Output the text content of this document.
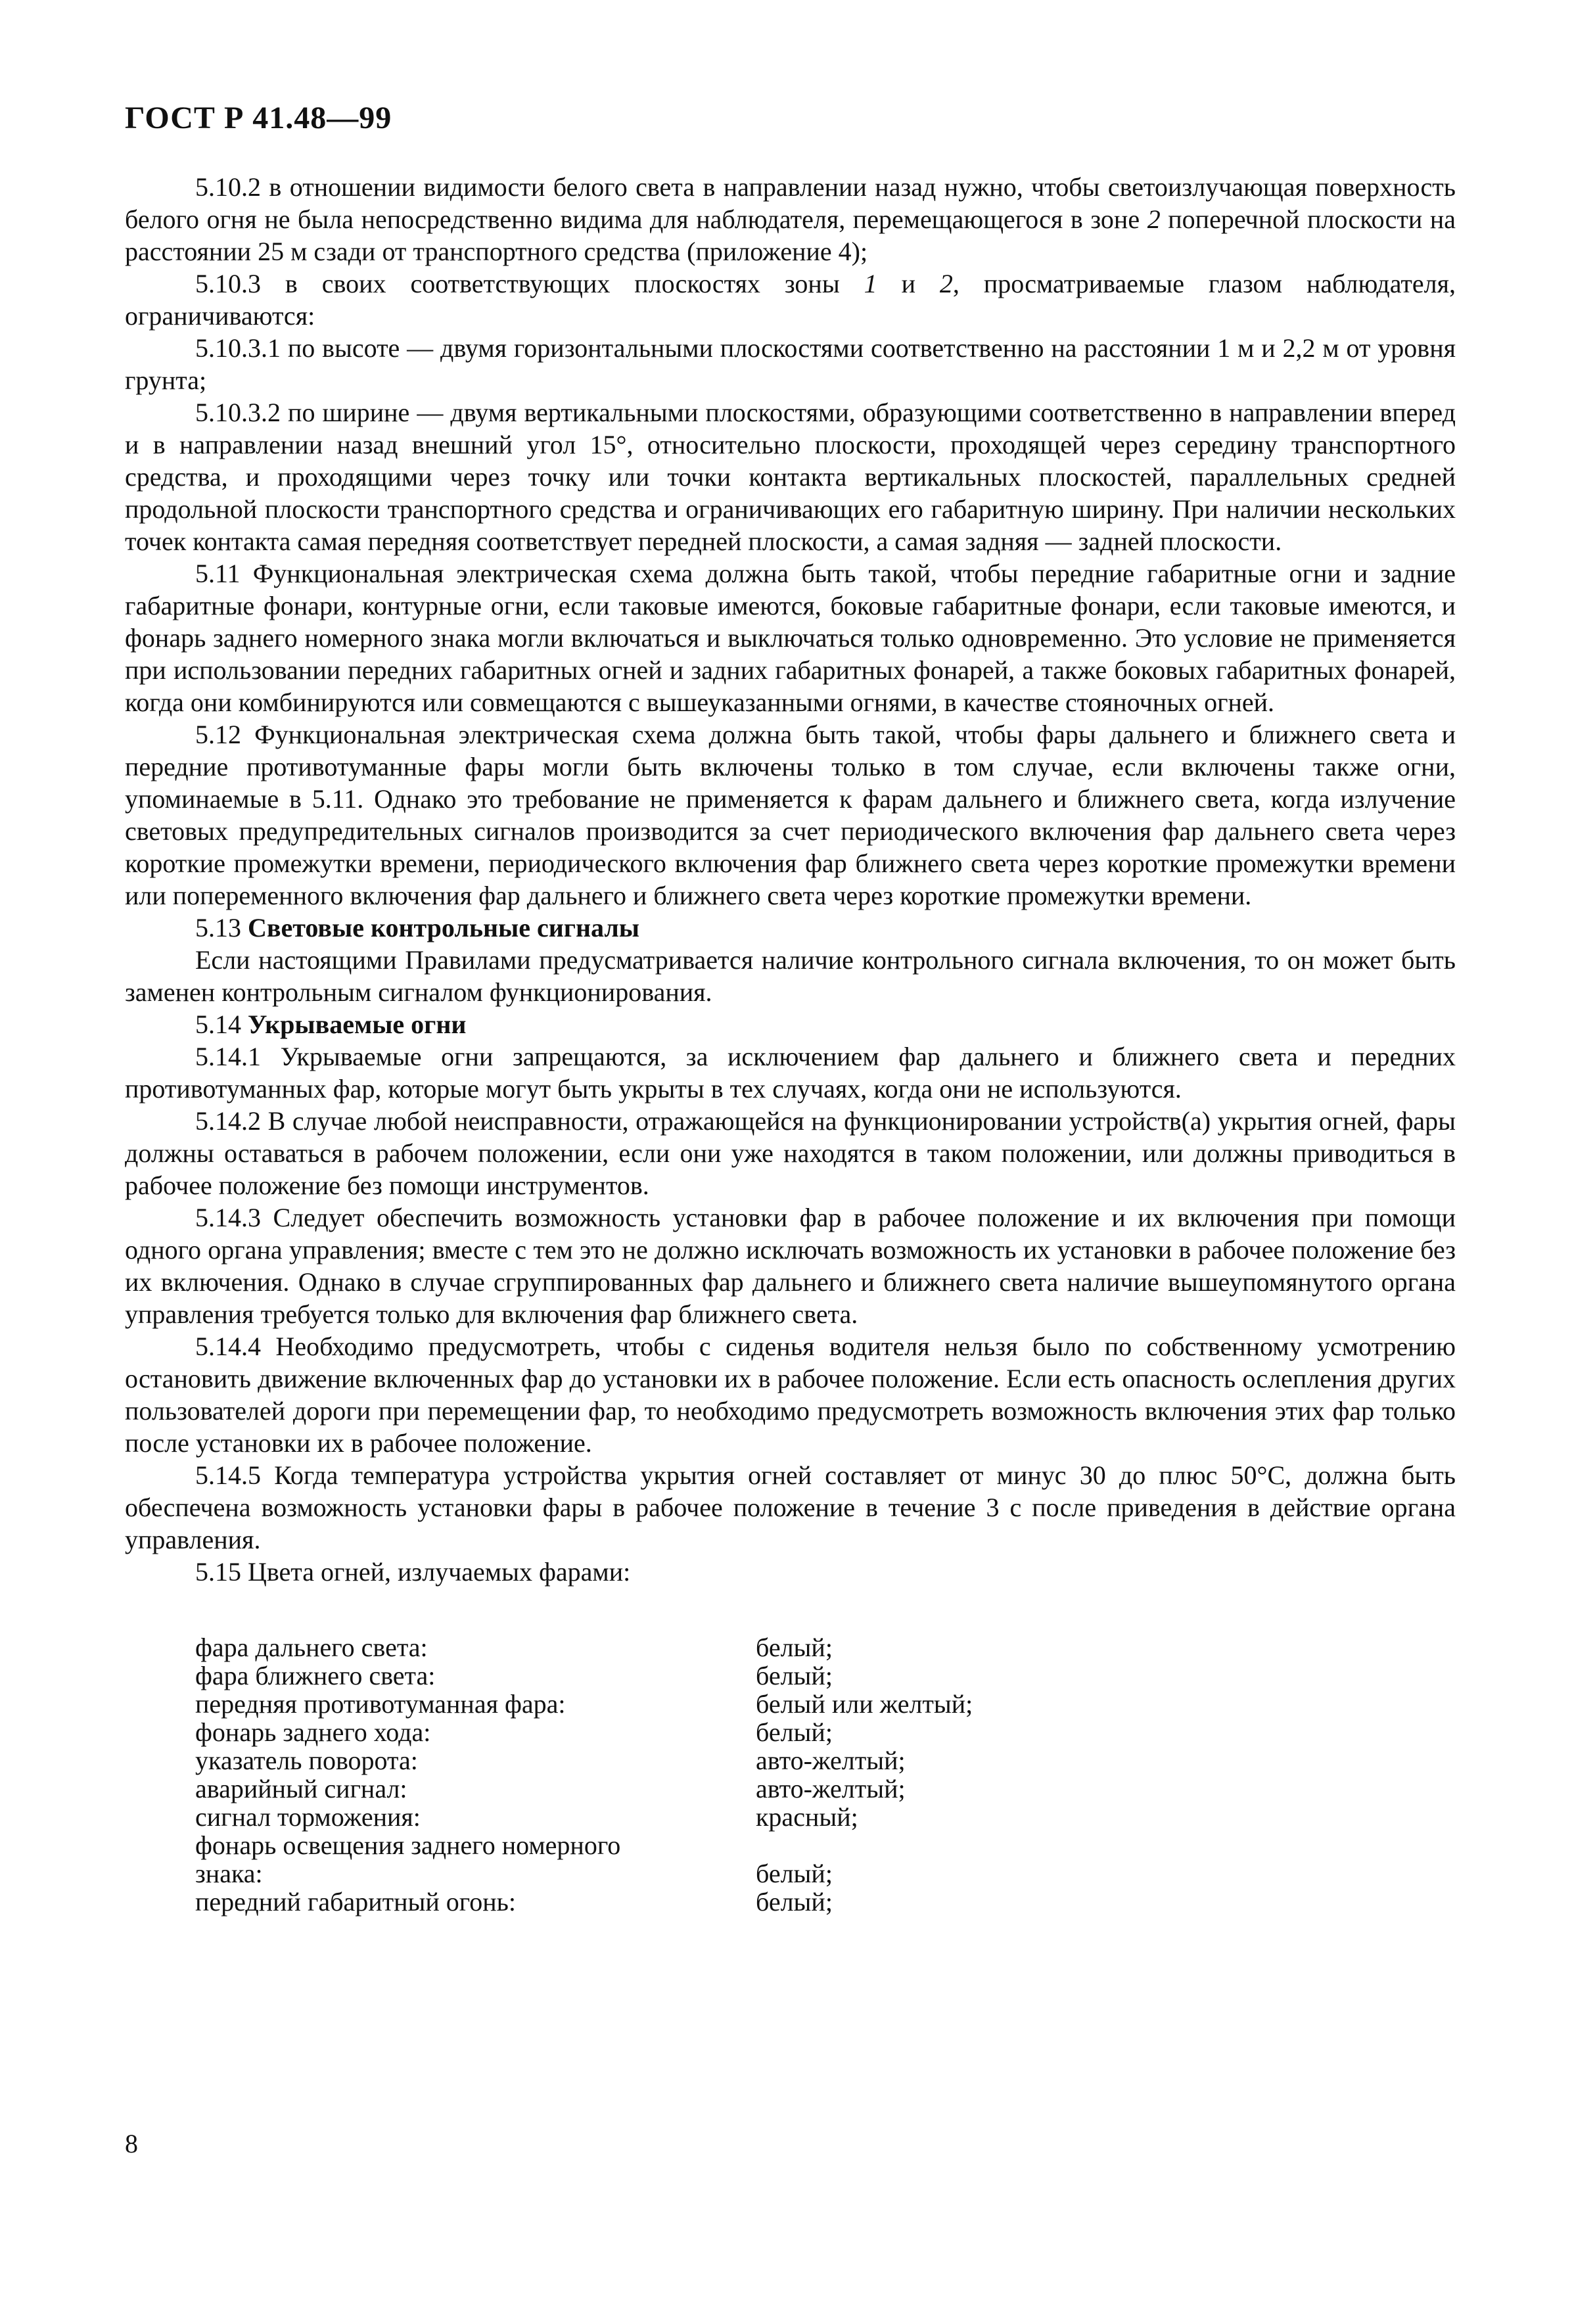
ГОСТ Р 41.48—99

5.10.2 в отношении видимости белого света в направлении назад нужно, чтобы светоизлучающая поверхность белого огня не была непосредственно видима для наблюдателя, перемещающегося в зоне 2 поперечной плоскости на расстоянии 25 м сзади от транспортного средства (приложение 4);

5.10.3 в своих соответствующих плоскостях зоны 1 и 2, просматриваемые глазом наблюдателя, ограничиваются:

5.10.3.1 по высоте — двумя горизонтальными плоскостями соответственно на расстоянии 1 м и 2,2 м от уровня грунта;

5.10.3.2 по ширине — двумя вертикальными плоскостями, образующими соответственно в направлении вперед и в направлении назад внешний угол 15°, относительно плоскости, проходящей через середину транспортного средства, и проходящими через точку или точки контакта вертикальных плоскостей, параллельных средней продольной плоскости транспортного средства и ограничивающих его габаритную ширину. При наличии нескольких точек контакта самая передняя соответствует передней плоскости, а самая задняя — задней плоскости.

5.11 Функциональная электрическая схема должна быть такой, чтобы передние габаритные огни и задние габаритные фонари, контурные огни, если таковые имеются, боковые габаритные фонари, если таковые имеются, и фонарь заднего номерного знака могли включаться и выключаться только одновременно. Это условие не применяется при использовании передних габаритных огней и задних габаритных фонарей, а также боковых габаритных фонарей, когда они комбинируются или совмещаются с вышеуказанными огнями, в качестве стояночных огней.

5.12 Функциональная электрическая схема должна быть такой, чтобы фары дальнего и ближнего света и передние противотуманные фары могли быть включены только в том случае, если включены также огни, упоминаемые в 5.11. Однако это требование не применяется к фарам дальнего и ближнего света, когда излучение световых предупредительных сигналов производится за счет периодического включения фар дальнего света через короткие промежутки времени, периодического включения фар ближнего света через короткие промежутки времени или попеременного включения фар дальнего и ближнего света через короткие промежутки времени.

5.13 Световые контрольные сигналы

Если настоящими Правилами предусматривается наличие контрольного сигнала включения, то он может быть заменен контрольным сигналом функционирования.

5.14 Укрываемые огни

5.14.1 Укрываемые огни запрещаются, за исключением фар дальнего и ближнего света и передних противотуманных фар, которые могут быть укрыты в тех случаях, когда они не используются.

5.14.2 В случае любой неисправности, отражающейся на функционировании устройств(а) укрытия огней, фары должны оставаться в рабочем положении, если они уже находятся в таком положении, или должны приводиться в рабочее положение без помощи инструментов.

5.14.3 Следует обеспечить возможность установки фар в рабочее положение и их включения при помощи одного органа управления; вместе с тем это не должно исключать возможность их установки в рабочее положение без их включения. Однако в случае сгруппированных фар дальнего и ближнего света наличие вышеупомянутого органа управления требуется только для включения фар ближнего света.

5.14.4 Необходимо предусмотреть, чтобы с сиденья водителя нельзя было по собственному усмотрению остановить движение включенных фар до установки их в рабочее положение. Если есть опасность ослепления других пользователей дороги при перемещении фар, то необходимо предусмотреть возможность включения этих фар только после установки их в рабочее положение.

5.14.5 Когда температура устройства укрытия огней составляет от минус 30 до плюс 50°C, должна быть обеспечена возможность установки фары в рабочее положение в течение 3 с после приведения в действие органа управления.

5.15 Цвета огней, излучаемых фарами:

фара дальнего света:	белый;
фара ближнего света:	белый;
передняя противотуманная фара:	белый или желтый;
фонарь заднего хода:	белый;
указатель поворота:	авто-желтый;
аварийный сигнал:	авто-желтый;
сигнал торможения:	красный;
фонарь освещения заднего номерного
знака:	белый;
передний габаритный огонь:	белый;
8
